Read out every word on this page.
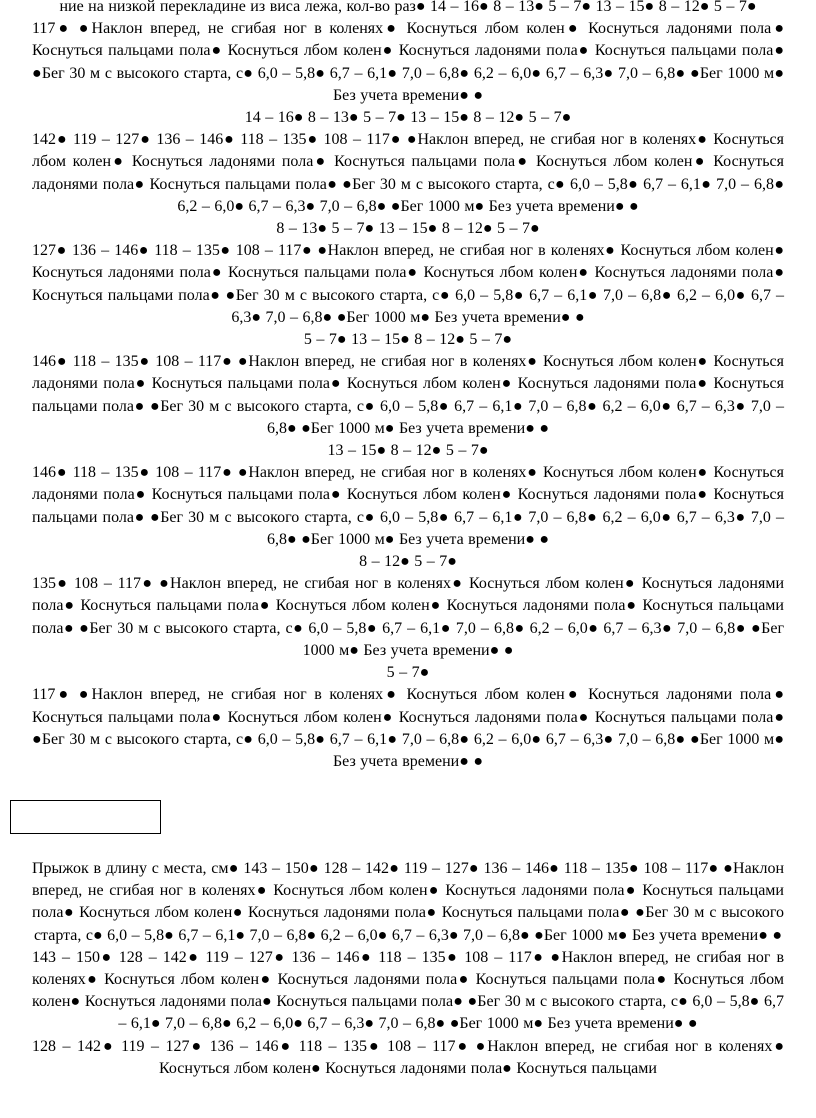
ние на низкой перекладине из виса лежа, кол-во раз● 14 – 16● 8 – 13● 5 – 7● 13 – 15● 8 – 12● 5 – 7●

117● ●Наклон вперед, не сгибая ног в коленях● Коснуться лбом колен● Коснуться ладонями пола● Коснуться пальцами пола● Коснуться лбом колен● Коснуться ладонями пола● Коснуться пальцами пола● ●Бег 30 м с высокого старта, с● 6,0 – 5,8● 6,7 – 6,1● 7,0 – 6,8● 6,2 – 6,0● 6,7 – 6,3● 7,0 – 6,8● ●Бег 1000 м● Без учета времени● ●

14 – 16● 8 – 13● 5 – 7● 13 – 15● 8 – 12● 5 – 7●

142● 119 – 127● 136 – 146● 118 – 135● 108 – 117● ●Наклон вперед, не сгибая ног в коленях● Коснуться лбом колен● Коснуться ладонями пола● Коснуться пальцами пола● Коснуться лбом колен● Коснуться ладонями пола● Коснуться пальцами пола● ●Бег 30 м с высокого старта, с● 6,0 – 5,8● 6,7 – 6,1● 7,0 – 6,8● 6,2 – 6,0● 6,7 – 6,3● 7,0 – 6,8● ●Бег 1000 м● Без учета времени● ●

8 – 13● 5 – 7● 13 – 15● 8 – 12● 5 – 7●

127● 136 – 146● 118 – 135● 108 – 117● ●Наклон вперед, не сгибая ног в коленях● Коснуться лбом колен● Коснуться ладонями пола● Коснуться пальцами пола● Коснуться лбом колен● Коснуться ладонями пола● Коснуться пальцами пола● ●Бег 30 м с высокого старта, с● 6,0 – 5,8● 6,7 – 6,1● 7,0 – 6,8● 6,2 – 6,0● 6,7 – 6,3● 7,0 – 6,8● ●Бег 1000 м● Без учета времени● ●

5 – 7● 13 – 15● 8 – 12● 5 – 7●

146● 118 – 135● 108 – 117● ●Наклон вперед, не сгибая ног в коленях● Коснуться лбом колен● Коснуться ладонями пола● Коснуться пальцами пола● Коснуться лбом колен● Коснуться ладонями пола● Коснуться пальцами пола● ●Бег 30 м с высокого старта, с● 6,0 – 5,8● 6,7 – 6,1● 7,0 – 6,8● 6,2 – 6,0● 6,7 – 6,3● 7,0 – 6,8● ●Бег 1000 м● Без учета времени● ●

13 – 15● 8 – 12● 5 – 7●

146● 118 – 135● 108 – 117● ●Наклон вперед, не сгибая ног в коленях● Коснуться лбом колен● Коснуться ладонями пола● Коснуться пальцами пола● Коснуться лбом колен● Коснуться ладонями пола● Коснуться пальцами пола● ●Бег 30 м с высокого старта, с● 6,0 – 5,8● 6,7 – 6,1● 7,0 – 6,8● 6,2 – 6,0● 6,7 – 6,3● 7,0 – 6,8● ●Бег 1000 м● Без учета времени● ●

8 – 12● 5 – 7●

135● 108 – 117● ●Наклон вперед, не сгибая ног в коленях● Коснуться лбом колен● Коснуться ладонями пола● Коснуться пальцами пола● Коснуться лбом колен● Коснуться ладонями пола● Коснуться пальцами пола● ●Бег 30 м с высокого старта, с● 6,0 – 5,8● 6,7 – 6,1● 7,0 – 6,8● 6,2 – 6,0● 6,7 – 6,3● 7,0 – 6,8● ●Бег 1000 м● Без учета времени● ●

5 – 7●

117● ●Наклон вперед, не сгибая ног в коленях● Коснуться лбом колен● Коснуться ладонями пола● Коснуться пальцами пола● Коснуться лбом колен● Коснуться ладонями пола● Коснуться пальцами пола● ●Бег 30 м с высокого старта, с● 6,0 – 5,8● 6,7 – 6,1● 7,0 – 6,8● 6,2 – 6,0● 6,7 – 6,3● 7,0 – 6,8● ●Бег 1000 м● Без учета времени● ●

Прыжок в длину с места, см● 143 – 150● 128 – 142● 119 – 127● 136 – 146● 118 – 135● 108 – 117● ●Наклон вперед, не сгибая ног в коленях● Коснуться лбом колен● Коснуться ладонями пола● Коснуться пальцами пола● Коснуться лбом колен● Коснуться ладонями пола● Коснуться пальцами пола● ●Бег 30 м с высокого старта, с● 6,0 – 5,8● 6,7 – 6,1● 7,0 – 6,8● 6,2 – 6,0● 6,7 – 6,3● 7,0 – 6,8● ●Бег 1000 м● Без учета времени● ●

143 – 150● 128 – 142● 119 – 127● 136 – 146● 118 – 135● 108 – 117● ●Наклон вперед, не сгибая ног в коленях● Коснуться лбом колен● Коснуться ладонями пола● Коснуться пальцами пола● Коснуться лбом колен● Коснуться ладонями пола● Коснуться пальцами пола● ●Бег 30 м с высокого старта, с● 6,0 – 5,8● 6,7 – 6,1● 7,0 – 6,8● 6,2 – 6,0● 6,7 – 6,3● 7,0 – 6,8● ●Бег 1000 м● Без учета времени● ●

128 – 142● 119 – 127● 136 – 146● 118 – 135● 108 – 117● ●Наклон вперед, не сгибая ног в коленях● Коснуться лбом колен● Коснуться ладонями пола● Коснуться пальцами
